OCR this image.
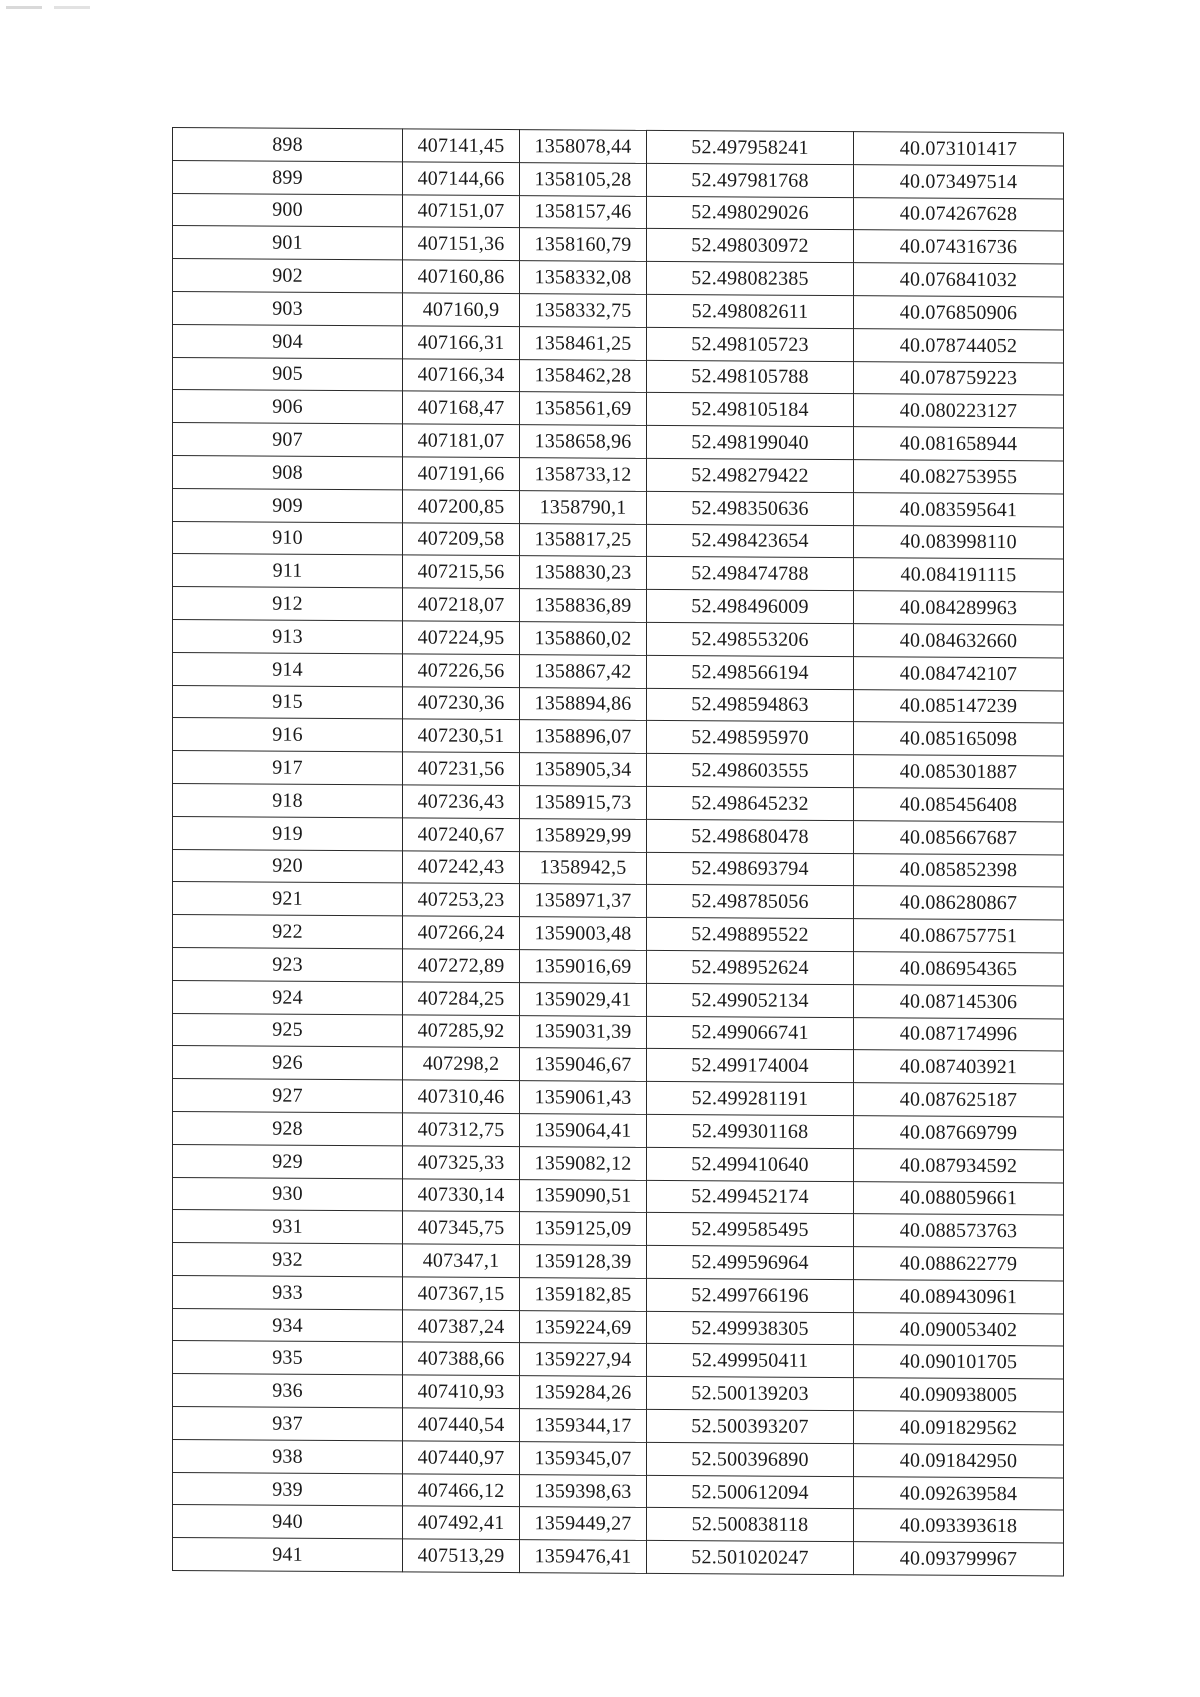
898	407141,45	1358078,44	52.497958241	40.073101417
899	407144,66	1358105,28	52.497981768	40.073497514
900	407151,07	1358157,46	52.498029026	40.074267628
901	407151,36	1358160,79	52.498030972	40.074316736
902	407160,86	1358332,08	52.498082385	40.076841032
903	407160,9	1358332,75	52.498082611	40.076850906
904	407166,31	1358461,25	52.498105723	40.078744052
905	407166,34	1358462,28	52.498105788	40.078759223
906	407168,47	1358561,69	52.498105184	40.080223127
907	407181,07	1358658,96	52.498199040	40.081658944
908	407191,66	1358733,12	52.498279422	40.082753955
909	407200,85	1358790,1	52.498350636	40.083595641
910	407209,58	1358817,25	52.498423654	40.083998110
911	407215,56	1358830,23	52.498474788	40.084191115
912	407218,07	1358836,89	52.498496009	40.084289963
913	407224,95	1358860,02	52.498553206	40.084632660
914	407226,56	1358867,42	52.498566194	40.084742107
915	407230,36	1358894,86	52.498594863	40.085147239
916	407230,51	1358896,07	52.498595970	40.085165098
917	407231,56	1358905,34	52.498603555	40.085301887
918	407236,43	1358915,73	52.498645232	40.085456408
919	407240,67	1358929,99	52.498680478	40.085667687
920	407242,43	1358942,5	52.498693794	40.085852398
921	407253,23	1358971,37	52.498785056	40.086280867
922	407266,24	1359003,48	52.498895522	40.086757751
923	407272,89	1359016,69	52.498952624	40.086954365
924	407284,25	1359029,41	52.499052134	40.087145306
925	407285,92	1359031,39	52.499066741	40.087174996
926	407298,2	1359046,67	52.499174004	40.087403921
927	407310,46	1359061,43	52.499281191	40.087625187
928	407312,75	1359064,41	52.499301168	40.087669799
929	407325,33	1359082,12	52.499410640	40.087934592
930	407330,14	1359090,51	52.499452174	40.088059661
931	407345,75	1359125,09	52.499585495	40.088573763
932	407347,1	1359128,39	52.499596964	40.088622779
933	407367,15	1359182,85	52.499766196	40.089430961
934	407387,24	1359224,69	52.499938305	40.090053402
935	407388,66	1359227,94	52.499950411	40.090101705
936	407410,93	1359284,26	52.500139203	40.090938005
937	407440,54	1359344,17	52.500393207	40.091829562
938	407440,97	1359345,07	52.500396890	40.091842950
939	407466,12	1359398,63	52.500612094	40.092639584
940	407492,41	1359449,27	52.500838118	40.093393618
941	407513,29	1359476,41	52.501020247	40.093799967
